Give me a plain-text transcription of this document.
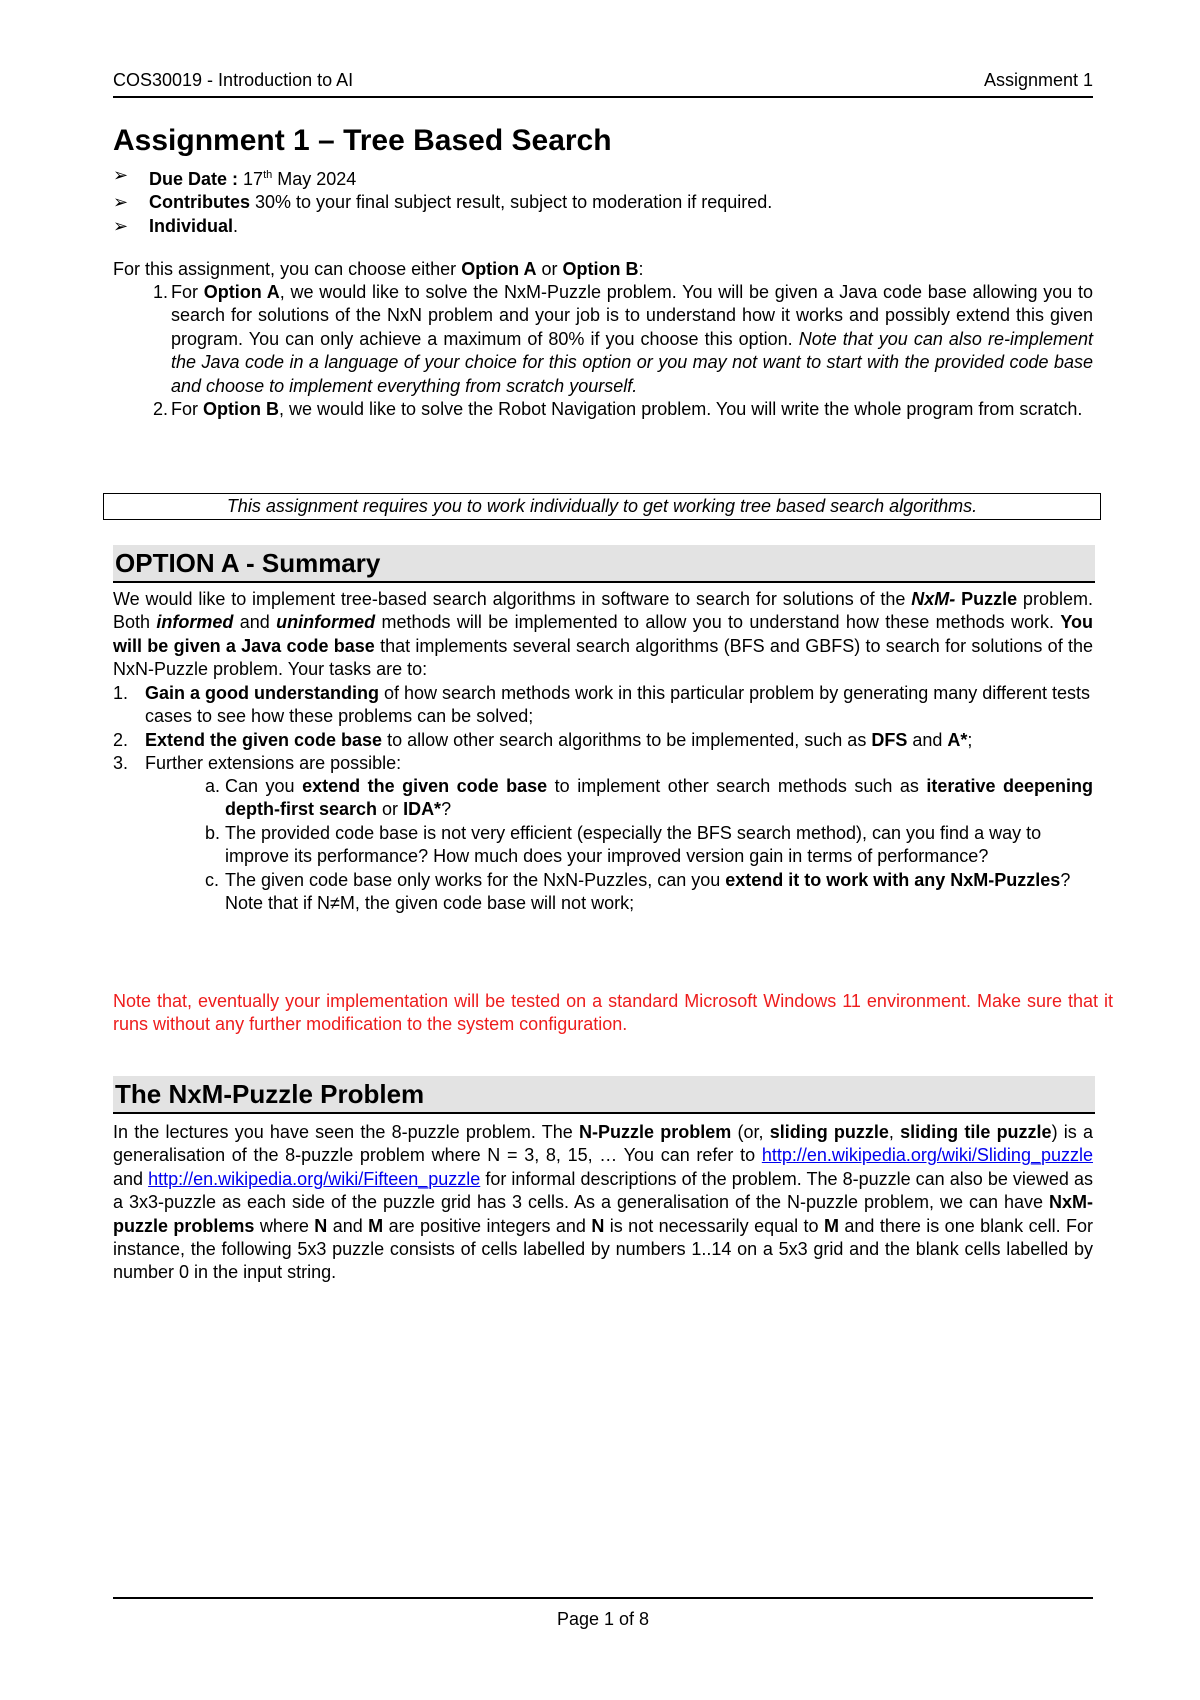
COS30019 - Introduction to AI	Assignment 1
Assignment 1 – Tree Based Search
➢ Due Date : 17th May 2024
➢ Contributes 30% to your final subject result, subject to moderation if required.
➢ Individual.
For this assignment, you can choose either Option A or Option B:
1. For Option A, we would like to solve the NxM-Puzzle problem. You will be given a Java code base allowing you to search for solutions of the NxN problem and your job is to understand how it works and possibly extend this given program. You can only achieve a maximum of 80% if you choose this option. Note that you can also re-implement the Java code in a language of your choice for this option or you may not want to start with the provided code base and choose to implement everything from scratch yourself.
2. For Option B, we would like to solve the Robot Navigation problem. You will write the whole program from scratch.
This assignment requires you to work individually to get working tree based search algorithms.
OPTION A - Summary
We would like to implement tree-based search algorithms in software to search for solutions of the NxM- Puzzle problem. Both informed and uninformed methods will be implemented to allow you to understand how these methods work. You will be given a Java code base that implements several search algorithms (BFS and GBFS) to search for solutions of the NxN-Puzzle problem. Your tasks are to:
1. Gain a good understanding of how search methods work in this particular problem by generating many different tests cases to see how these problems can be solved;
2. Extend the given code base to allow other search algorithms to be implemented, such as DFS and A*;
3. Further extensions are possible:
a. Can you extend the given code base to implement other search methods such as iterative deepening depth-first search or IDA*?
b. The provided code base is not very efficient (especially the BFS search method), can you find a way to improve its performance? How much does your improved version gain in terms of performance?
c. The given code base only works for the NxN-Puzzles, can you extend it to work with any NxM-Puzzles? Note that if N≠M, the given code base will not work;
Note that, eventually your implementation will be tested on a standard Microsoft Windows 11 environment. Make sure that it runs without any further modification to the system configuration.
The NxM-Puzzle Problem
In the lectures you have seen the 8-puzzle problem. The N-Puzzle problem (or, sliding puzzle, sliding tile puzzle) is a generalisation of the 8-puzzle problem where N = 3, 8, 15, … You can refer to http://en.wikipedia.org/wiki/Sliding_puzzle and http://en.wikipedia.org/wiki/Fifteen_puzzle for informal descriptions of the problem. The 8-puzzle can also be viewed as a 3x3-puzzle as each side of the puzzle grid has 3 cells. As a generalisation of the N-puzzle problem, we can have NxM-puzzle problems where N and M are positive integers and N is not necessarily equal to M and there is one blank cell. For instance, the following 5x3 puzzle consists of cells labelled by numbers 1..14 on a 5x3 grid and the blank cells labelled by number 0 in the input string.
Page 1 of 8
